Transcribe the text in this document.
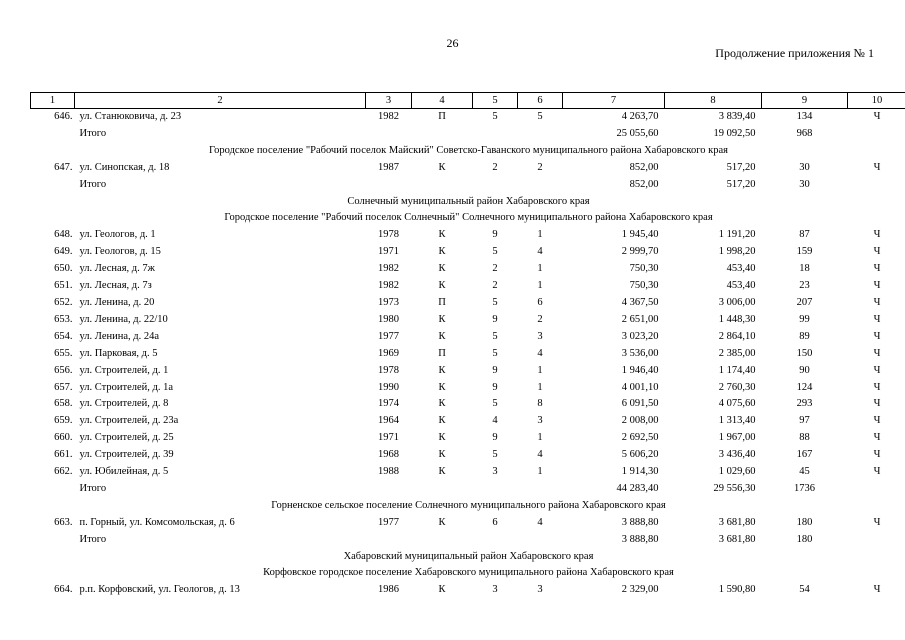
26
Продолжение приложения № 1
1	2	3	4	5	6	7	8	9	10
646.	ул. Станюковича, д. 23	1982	П	5	5	4 263,70	3 839,40	134	Ч
	Итого					25 055,60	19 092,50	968	
Городское поселение "Рабочий поселок Майский" Советско-Гаванского муниципального района Хабаровского края									
647.	ул. Синопская, д. 18	1987	К	2	2	852,00	517,20	30	Ч
	Итого					852,00	517,20	30	
Солнечный муниципальный район Хабаровского края									
Городское поселение "Рабочий поселок Солнечный" Солнечного муниципального района Хабаровского края									
648.	ул. Геологов, д. 1	1978	К	9	1	1 945,40	1 191,20	87	Ч
649.	ул. Геологов, д. 15	1971	К	5	4	2 999,70	1 998,20	159	Ч
650.	ул. Лесная, д. 7ж	1982	К	2	1	750,30	453,40	18	Ч
651.	ул. Лесная, д. 7з	1982	К	2	1	750,30	453,40	23	Ч
652.	ул. Ленина, д. 20	1973	П	5	6	4 367,50	3 006,00	207	Ч
653.	ул. Ленина, д. 22/10	1980	К	9	2	2 651,00	1 448,30	99	Ч
654.	ул. Ленина, д. 24а	1977	К	5	3	3 023,20	2 864,10	89	Ч
655.	ул. Парковая, д. 5	1969	П	5	4	3 536,00	2 385,00	150	Ч
656.	ул. Строителей, д. 1	1978	К	9	1	1 946,40	1 174,40	90	Ч
657.	ул. Строителей, д. 1а	1990	К	9	1	4 001,10	2 760,30	124	Ч
658.	ул. Строителей, д. 8	1974	К	5	8	6 091,50	4 075,60	293	Ч
659.	ул. Строителей, д. 23а	1964	К	4	3	2 008,00	1 313,40	97	Ч
660.	ул. Строителей, д. 25	1971	К	9	1	2 692,50	1 967,00	88	Ч
661.	ул. Строителей, д. 39	1968	К	5	4	5 606,20	3 436,40	167	Ч
662.	ул. Юбилейная, д. 5	1988	К	3	1	1 914,30	1 029,60	45	Ч
	Итого					44 283,40	29 556,30	1736	
Горненское сельское поселение Солнечного муниципального района Хабаровского края									
663.	п. Горный, ул. Комсомольская, д. 6	1977	К	6	4	3 888,80	3 681,80	180	Ч
	Итого					3 888,80	3 681,80	180	
Хабаровский муниципальный район Хабаровского края									
Корфовское городское поселение Хабаровского муниципального района Хабаровского края									
664.	р.п. Корфовский, ул. Геологов, д. 13	1986	К	3	3	2 329,00	1 590,80	54	Ч
